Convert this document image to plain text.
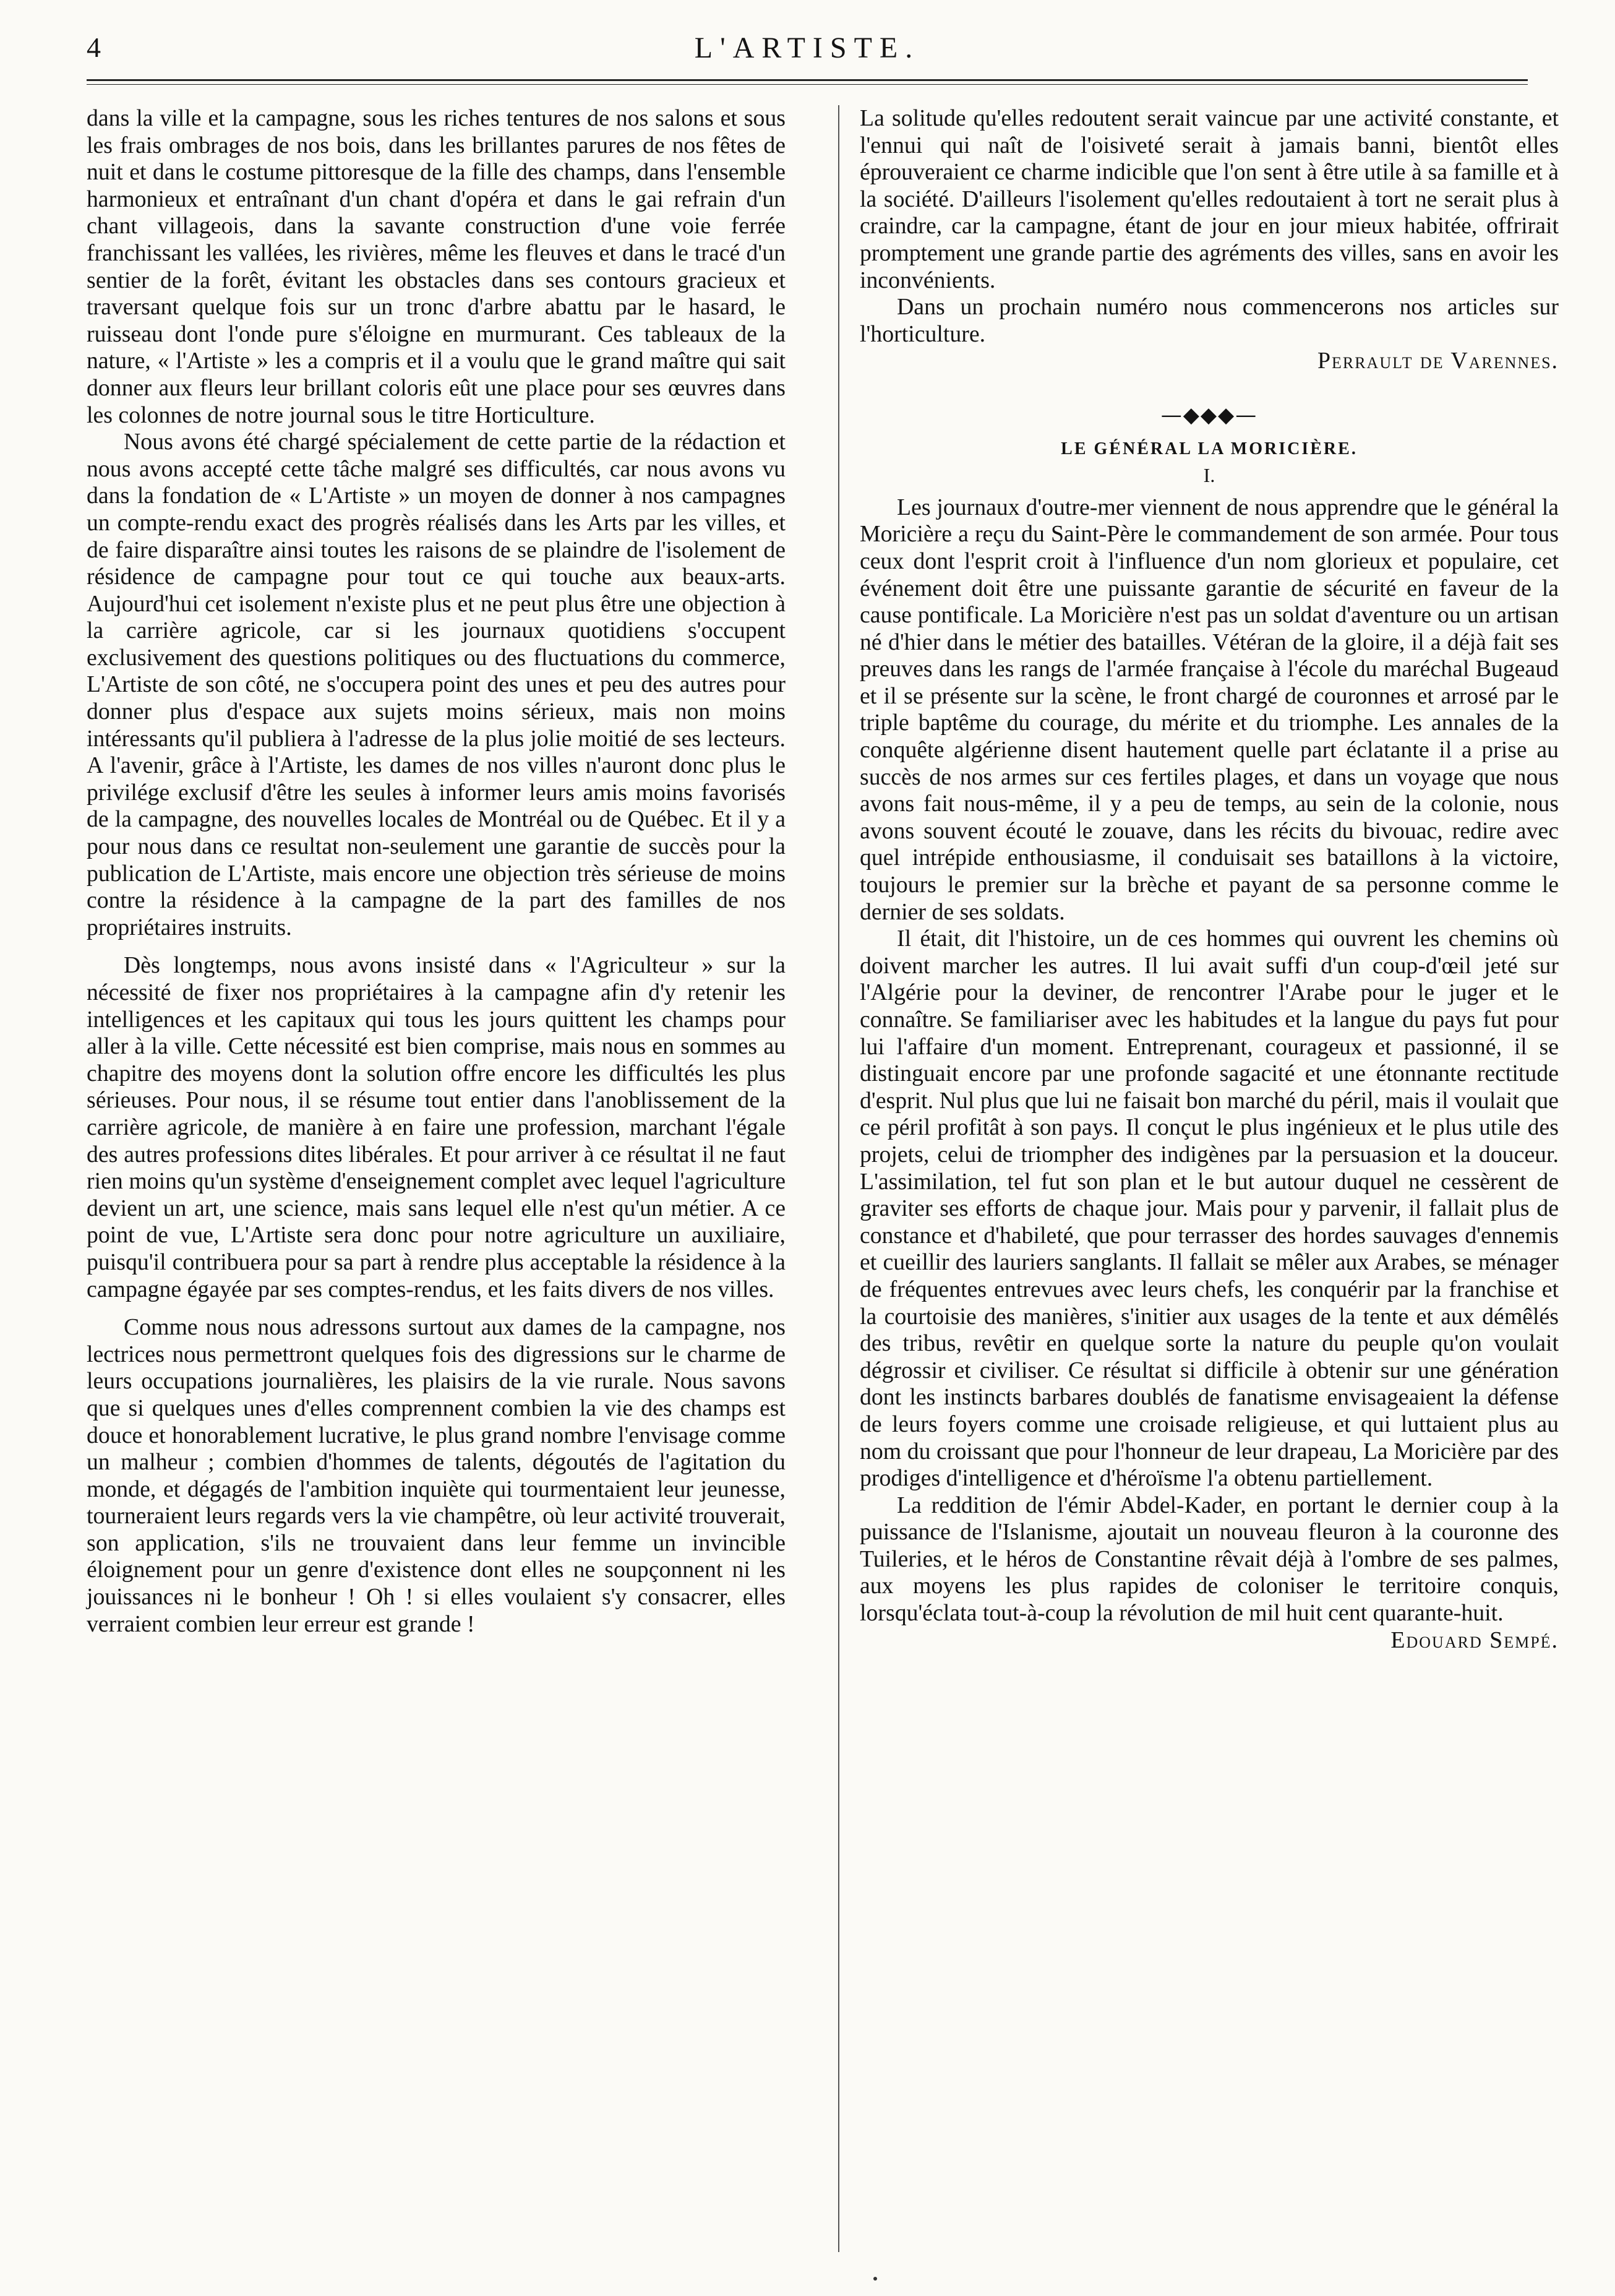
4	L'ARTISTE.

dans la ville et la campagne, sous les riches tentures de nos salons et sous les frais ombrages de nos bois, dans les brillantes parures de nos fêtes de nuit et dans le costume pittoresque de la fille des champs, dans l'ensemble harmonieux et entraînant d'un chant d'opéra et dans le gai refrain d'un chant villageois, dans la savante construction d'une voie ferrée franchissant les vallées, les rivières, même les fleuves et dans le tracé d'un sentier de la forêt, évitant les obstacles dans ses contours gracieux et traversant quelque fois sur un tronc d'arbre abattu par le hasard, le ruisseau dont l'onde pure s'éloigne en murmurant. Ces tableaux de la nature, « l'Artiste » les a compris et il a voulu que le grand maître qui sait donner aux fleurs leur brillant coloris eût une place pour ses œuvres dans les colonnes de notre journal sous le titre Horticulture.

Nous avons été chargé spécialement de cette partie de la rédaction et nous avons accepté cette tâche malgré ses difficultés, car nous avons vu dans la fondation de « L'Artiste » un moyen de donner à nos campagnes un compte-rendu exact des progrès réalisés dans les Arts par les villes, et de faire disparaître ainsi toutes les raisons de se plaindre de l'isolement de résidence de campagne pour tout ce qui touche aux beaux-arts. Aujourd'hui cet isolement n'existe plus et ne peut plus être une objection à la carrière agricole, car si les journaux quotidiens s'occupent exclusivement des questions politiques ou des fluctuations du commerce, L'Artiste de son côté, ne s'occupera point des unes et peu des autres pour donner plus d'espace aux sujets moins sérieux, mais non moins intéressants qu'il publiera à l'adresse de la plus jolie moitié de ses lecteurs. A l'avenir, grâce à l'Artiste, les dames de nos villes n'auront donc plus le privilége exclusif d'être les seules à informer leurs amis moins favorisés de la campagne, des nouvelles locales de Montréal ou de Québec. Et il y a pour nous dans ce resultat non-seulement une garantie de succès pour la publication de L'Artiste, mais encore une objection très sérieuse de moins contre la résidence à la campagne de la part des familles de nos propriétaires instruits.

Dès longtemps, nous avons insisté dans « l'Agriculteur » sur la nécessité de fixer nos propriétaires à la campagne afin d'y retenir les intelligences et les capitaux qui tous les jours quittent les champs pour aller à la ville. Cette nécessité est bien comprise, mais nous en sommes au chapitre des moyens dont la solution offre encore les difficultés les plus sérieuses. Pour nous, il se résume tout entier dans l'anoblissement de la carrière agricole, de manière à en faire une profession, marchant l'égale des autres professions dites libérales. Et pour arriver à ce résultat il ne faut rien moins qu'un système d'enseignement complet avec lequel l'agriculture devient un art, une science, mais sans lequel elle n'est qu'un métier. A ce point de vue, L'Artiste sera donc pour notre agriculture un auxiliaire, puisqu'il contribuera pour sa part à rendre plus acceptable la résidence à la campagne égayée par ses comptes-rendus, et les faits divers de nos villes.

Comme nous nous adressons surtout aux dames de la campagne, nos lectrices nous permettront quelques fois des digressions sur le charme de leurs occupations journalières, les plaisirs de la vie rurale. Nous savons que si quelques unes d'elles comprennent combien la vie des champs est douce et honorablement lucrative, le plus grand nombre l'envisage comme un malheur ; combien d'hommes de talents, dégoutés de l'agitation du monde, et dégagés de l'ambition inquiète qui tourmentaient leur jeunesse, tourneraient leurs regards vers la vie champêtre, où leur activité trouverait, son application, s'ils ne trouvaient dans leur femme un invincible éloignement pour un genre d'existence dont elles ne soupçonnent ni les jouissances ni le bonheur ! Oh ! si elles voulaient s'y consacrer, elles verraient combien leur erreur est grande !

La solitude qu'elles redoutent serait vaincue par une activité constante, et l'ennui qui naît de l'oisiveté serait à jamais banni, bientôt elles éprouveraient ce charme indicible que l'on sent à être utile à sa famille et à la société. D'ailleurs l'isolement qu'elles redoutaient à tort ne serait plus à craindre, car la campagne, étant de jour en jour mieux habitée, offrirait promptement une grande partie des agréments des villes, sans en avoir les inconvénients.

Dans un prochain numéro nous commencerons nos articles sur l'horticulture.

Perrault de Varennes.

—◆◆◆—
LE GÉNÉRAL LA MORICIÈRE.
I.

Les journaux d'outre-mer viennent de nous apprendre que le général la Moricière a reçu du Saint-Père le commandement de son armée. Pour tous ceux dont l'esprit croit à l'influence d'un nom glorieux et populaire, cet événement doit être une puissante garantie de sécurité en faveur de la cause pontificale. La Moricière n'est pas un soldat d'aventure ou un artisan né d'hier dans le métier des batailles. Vétéran de la gloire, il a déjà fait ses preuves dans les rangs de l'armée française à l'école du maréchal Bugeaud et il se présente sur la scène, le front chargé de couronnes et arrosé par le triple baptême du courage, du mérite et du triomphe. Les annales de la conquête algérienne disent hautement quelle part éclatante il a prise au succès de nos armes sur ces fertiles plages, et dans un voyage que nous avons fait nous-même, il y a peu de temps, au sein de la colonie, nous avons souvent écouté le zouave, dans les récits du bivouac, redire avec quel intrépide enthousiasme, il conduisait ses bataillons à la victoire, toujours le premier sur la brèche et payant de sa personne comme le dernier de ses soldats.

Il était, dit l'histoire, un de ces hommes qui ouvrent les chemins où doivent marcher les autres. Il lui avait suffi d'un coup-d'œil jeté sur l'Algérie pour la deviner, de rencontrer l'Arabe pour le juger et le connaître. Se familiariser avec les habitudes et la langue du pays fut pour lui l'affaire d'un moment. Entreprenant, courageux et passionné, il se distinguait encore par une profonde sagacité et une étonnante rectitude d'esprit. Nul plus que lui ne faisait bon marché du péril, mais il voulait que ce péril profitât à son pays. Il conçut le plus ingénieux et le plus utile des projets, celui de triompher des indigènes par la persuasion et la douceur. L'assimilation, tel fut son plan et le but autour duquel ne cessèrent de graviter ses efforts de chaque jour. Mais pour y parvenir, il fallait plus de constance et d'habileté, que pour terrasser des hordes sauvages d'ennemis et cueillir des lauriers sanglants. Il fallait se mêler aux Arabes, se ménager de fréquentes entrevues avec leurs chefs, les conquérir par la franchise et la courtoisie des manières, s'initier aux usages de la tente et aux démêlés des tribus, revêtir en quelque sorte la nature du peuple qu'on voulait dégrossir et civiliser. Ce résultat si difficile à obtenir sur une génération dont les instincts barbares doublés de fanatisme envisageaient la défense de leurs foyers comme une croisade religieuse, et qui luttaient plus au nom du croissant que pour l'honneur de leur drapeau, La Moricière par des prodiges d'intelligence et d'héroïsme l'a obtenu partiellement.

La reddition de l'émir Abdel-Kader, en portant le dernier coup à la puissance de l'Islanisme, ajoutait un nouveau fleuron à la couronne des Tuileries, et le héros de Constantine rêvait déjà à l'ombre de ses palmes, aux moyens les plus rapides de coloniser le territoire conquis, lorsqu'éclata tout-à-coup la révolution de mil huit cent quarante-huit.

Edouard Sempé.
